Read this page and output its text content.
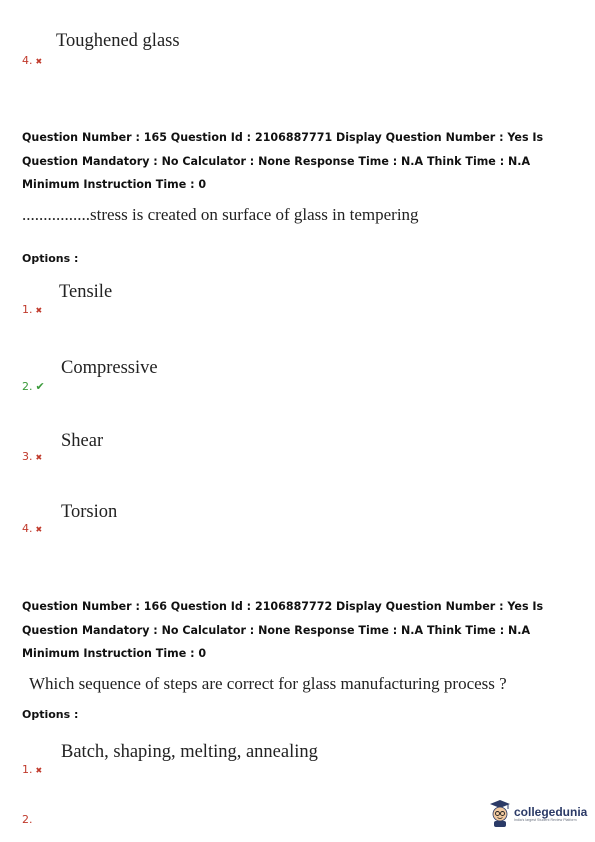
4. ✖
Toughened glass
Question Number : 165 Question Id : 2106887771 Display Question Number : Yes Is Question Mandatory : No Calculator : None Response Time : N.A Think Time : N.A Minimum Instruction Time : 0
................stress is created on surface of glass in tempering
Options :
1. ✖
Tensile
2. ✔
Compressive
3. ✖
Shear
4. ✖
Torsion
Question Number : 166 Question Id : 2106887772 Display Question Number : Yes Is Question Mandatory : No Calculator : None Response Time : N.A Think Time : N.A Minimum Instruction Time : 0
Which sequence of steps are correct for glass manufacturing process ?
Options :
1. ✖
Batch, shaping, melting, annealing
2.
collegedunia
India's largest Student Review Platform
